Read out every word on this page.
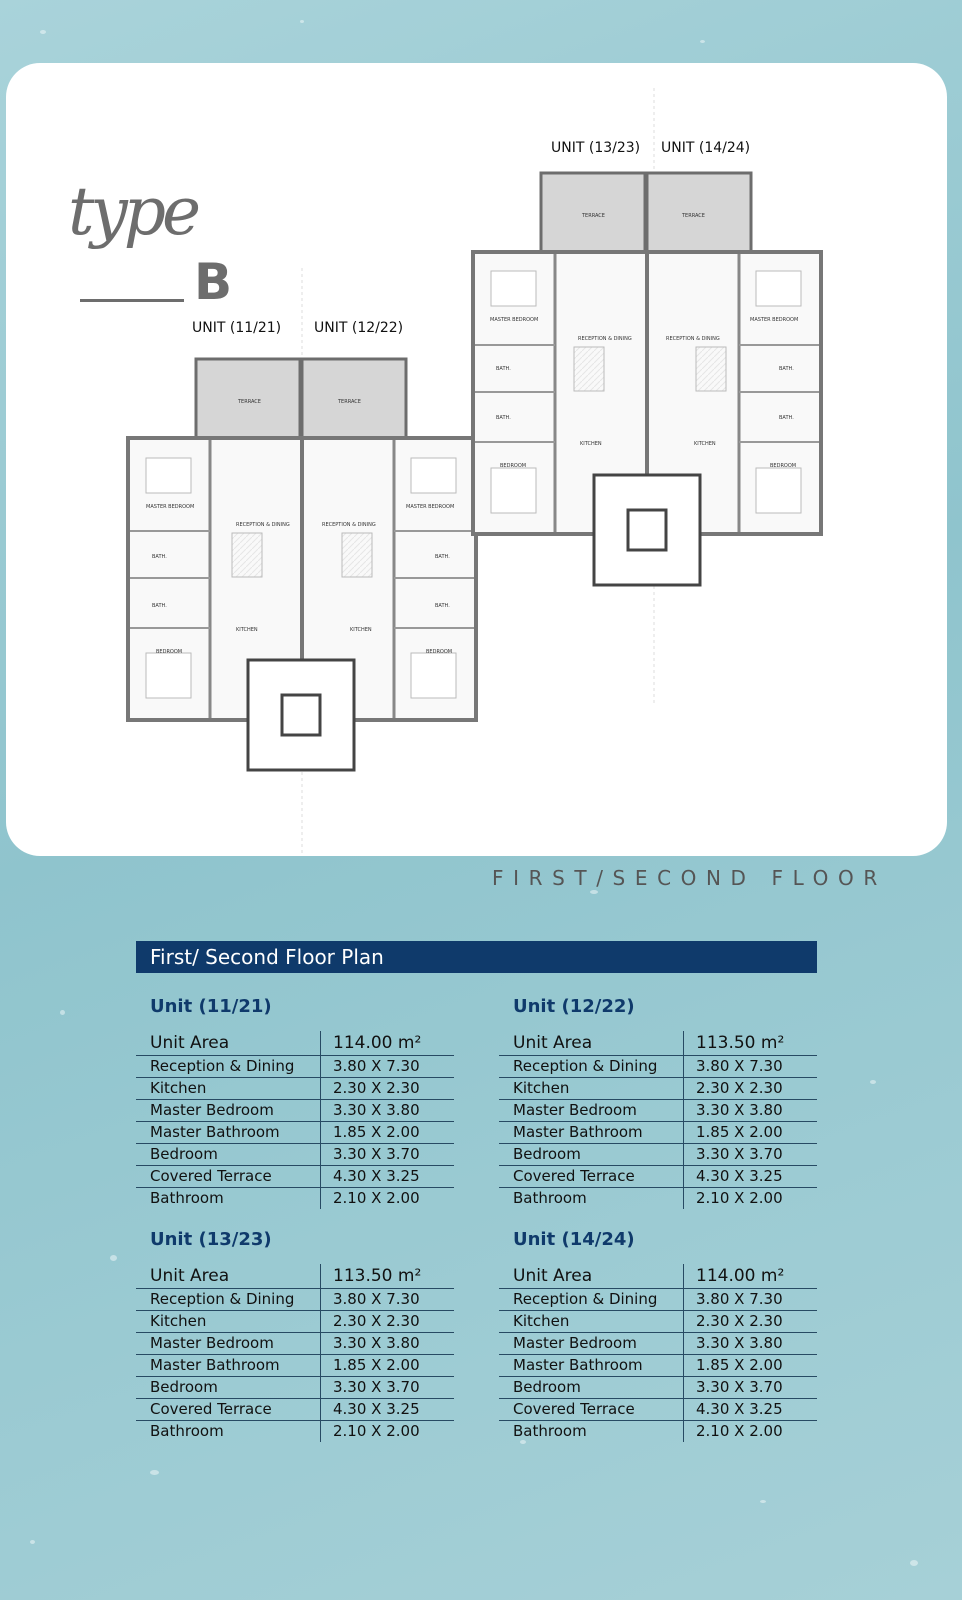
type
B
UNIT (11/21) UNIT (12/22)
UNIT (13/23) UNIT (14/24)
TERRACE	TERRACE
MASTER BEDROOM	MASTER BEDROOM
RECEPTION & DINING	RECEPTION & DINING
BATH.	BATH.
BATH.	BATH.
KITCHEN	KITCHEN
BEDROOM	BEDROOM
TERRACE	TERRACE
MASTER BEDROOM	MASTER BEDROOM
RECEPTION & DINING	RECEPTION & DINING
BATH.	BATH.
BATH.	BATH.
KITCHEN	KITCHEN
BEDROOM	BEDROOM
FIRST/SECOND FLOOR
First/ Second Floor Plan
Unit (11/21)
Unit Area	114.00 m²
Reception & Dining	3.80 X 7.30
Kitchen	2.30 X 2.30
Master Bedroom	3.30 X 3.80
Master Bathroom	1.85 X 2.00
Bedroom	3.30 X 3.70
Covered Terrace	4.30 X 3.25
Bathroom	2.10 X 2.00
Unit (12/22)
Unit Area	113.50 m²
Reception & Dining	3.80 X 7.30
Kitchen	2.30 X 2.30
Master Bedroom	3.30 X 3.80
Master Bathroom	1.85 X 2.00
Bedroom	3.30 X 3.70
Covered Terrace	4.30 X 3.25
Bathroom	2.10 X 2.00
Unit (13/23)
Unit Area	113.50 m²
Reception & Dining	3.80 X 7.30
Kitchen	2.30 X 2.30
Master Bedroom	3.30 X 3.80
Master Bathroom	1.85 X 2.00
Bedroom	3.30 X 3.70
Covered Terrace	4.30 X 3.25
Bathroom	2.10 X 2.00
Unit (14/24)
Unit Area	114.00 m²
Reception & Dining	3.80 X 7.30
Kitchen	2.30 X 2.30
Master Bedroom	3.30 X 3.80
Master Bathroom	1.85 X 2.00
Bedroom	3.30 X 3.70
Covered Terrace	4.30 X 3.25
Bathroom	2.10 X 2.00
